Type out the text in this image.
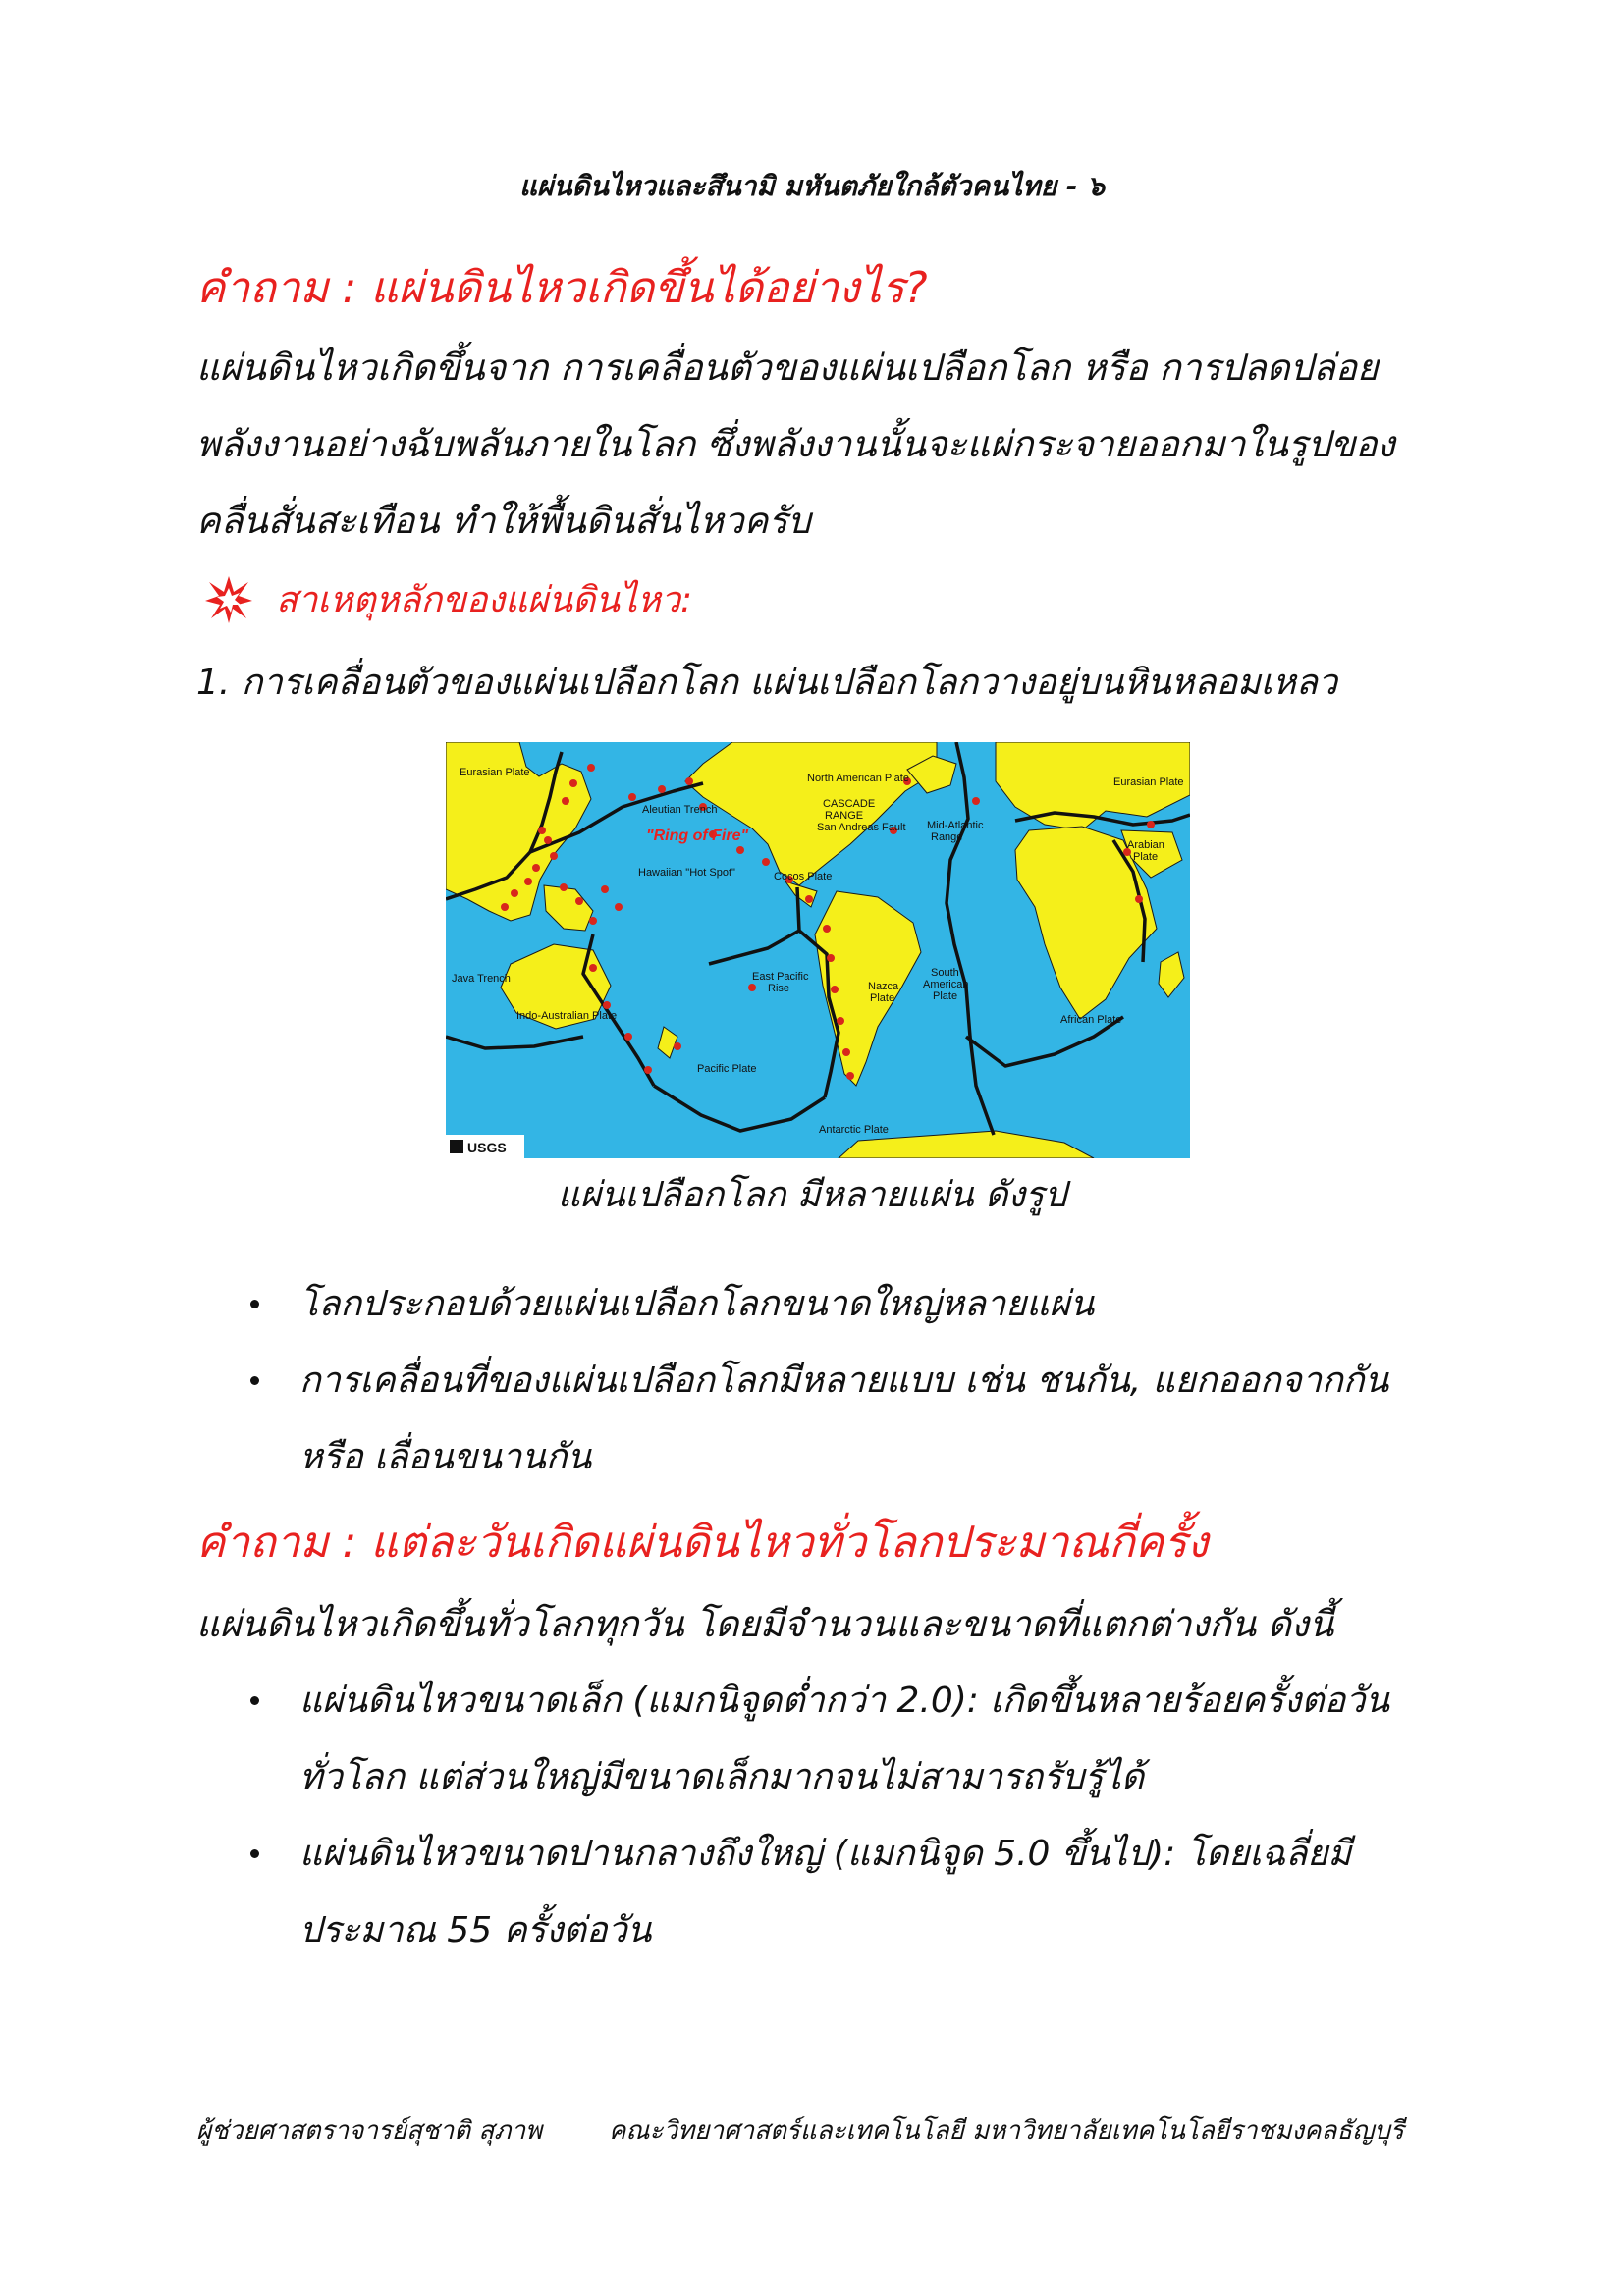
แผ่นดินไหวและสึนามิ มหันตภัยใกล้ตัวคนไทย - ๖
คำถาม : แผ่นดินไหวเกิดขึ้นได้อย่างไร?
แผ่นดินไหวเกิดขึ้นจาก การเคลื่อนตัวของแผ่นเปลือกโลก หรือ การปลดปล่อย
พลังงานอย่างฉับพลันภายในโลก ซึ่งพลังงานนั้นจะแผ่กระจายออกมาในรูปของ
คลื่นสั่นสะเทือน ทำให้พื้นดินสั่นไหวครับ
สาเหตุหลักของแผ่นดินไหว:
1. การเคลื่อนตัวของแผ่นเปลือกโลก แผ่นเปลือกโลกวางอยู่บนหินหลอมเหลว
Eurasian Plate	North American Plate
Aleutian Trench	CASCADE
RANGE
San Andreas Fault
"Ring of Fire"
Mid-Atlantic
Range
Eurasian Plate
Arabian
Plate
Hawaiian "Hot Spot"	Cocos Plate
Java Trench	East Pacific
Rise	Nazca
Plate
South
American
Plate
Indo-Australian Plate	African Plate
Pacific Plate
Antarctic Plate
USGS
แผ่นเปลือกโลก มีหลายแผ่น ดังรูป
โลกประกอบด้วยแผ่นเปลือกโลกขนาดใหญ่หลายแผ่น
การเคลื่อนที่ของแผ่นเปลือกโลกมีหลายแบบ เช่น ชนกัน, แยกออกจากกัน
หรือ เลื่อนขนานกัน
คำถาม : แต่ละวันเกิดแผ่นดินไหวทั่วโลกประมาณกี่ครั้ง
แผ่นดินไหวเกิดขึ้นทั่วโลกทุกวัน โดยมีจำนวนและขนาดที่แตกต่างกัน ดังนี้
แผ่นดินไหวขนาดเล็ก (แมกนิจูดต่ำกว่า 2.0): เกิดขึ้นหลายร้อยครั้งต่อวัน
ทั่วโลก แต่ส่วนใหญ่มีขนาดเล็กมากจนไม่สามารถรับรู้ได้
แผ่นดินไหวขนาดปานกลางถึงใหญ่ (แมกนิจูด 5.0 ขึ้นไป): โดยเฉลี่ยมี
ประมาณ 55 ครั้งต่อวัน
ผู้ช่วยศาสตราจารย์สุชาติ สุภาพ	คณะวิทยาศาสตร์และเทคโนโลยี มหาวิทยาลัยเทคโนโลยีราชมงคลธัญบุรี
